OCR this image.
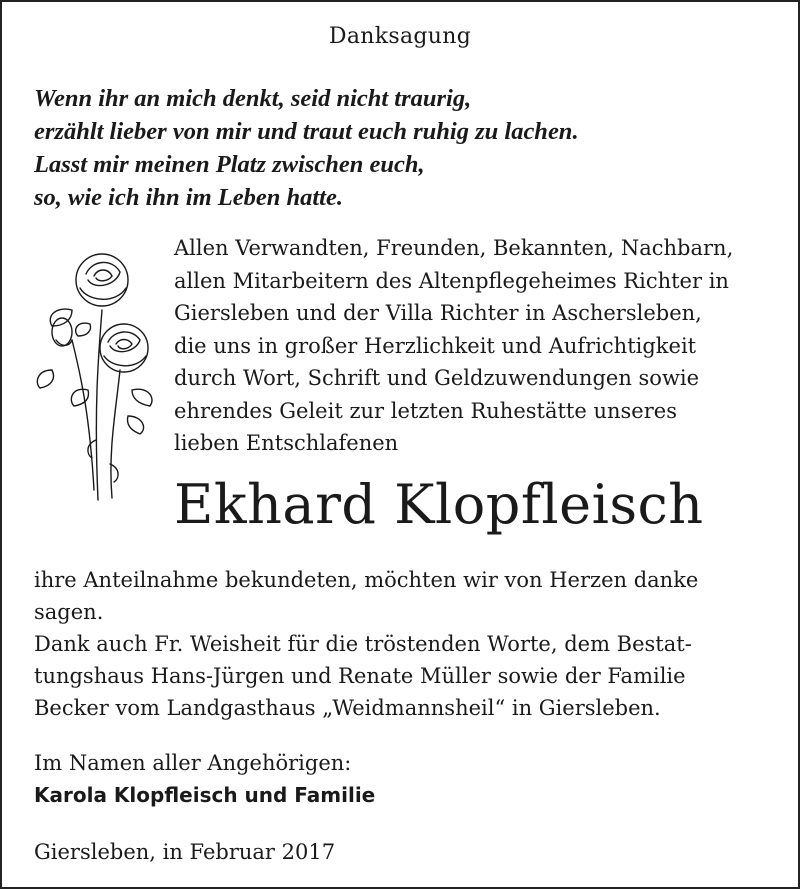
Danksagung
Wenn ihr an mich denkt, seid nicht traurig,
erzählt lieber von mir und traut euch ruhig zu lachen.
Lasst mir meinen Platz zwischen euch,
so, wie ich ihn im Leben hatte.
Allen Verwandten, Freunden, Bekannten, Nachbarn,
allen Mitarbeitern des Altenpflegeheimes Richter in
Giersleben und der Villa Richter in Aschersleben,
die uns in großer Herzlichkeit und Aufrichtigkeit
durch Wort, Schrift und Geldzuwendungen sowie
ehrendes Geleit zur letzten Ruhestätte unseres
lieben Entschlafenen
Ekhard Klopfleisch
ihre Anteilnahme bekundeten, möchten wir von Herzen danke
sagen.
Dank auch Fr. Weisheit für die tröstenden Worte, dem Bestat-
tungshaus Hans-Jürgen und Renate Müller sowie der Familie
Becker vom Landgasthaus „Weidmannsheil“ in Giersleben.
Im Namen aller Angehörigen:
Karola Klopfleisch und Familie
Giersleben, in Februar 2017
